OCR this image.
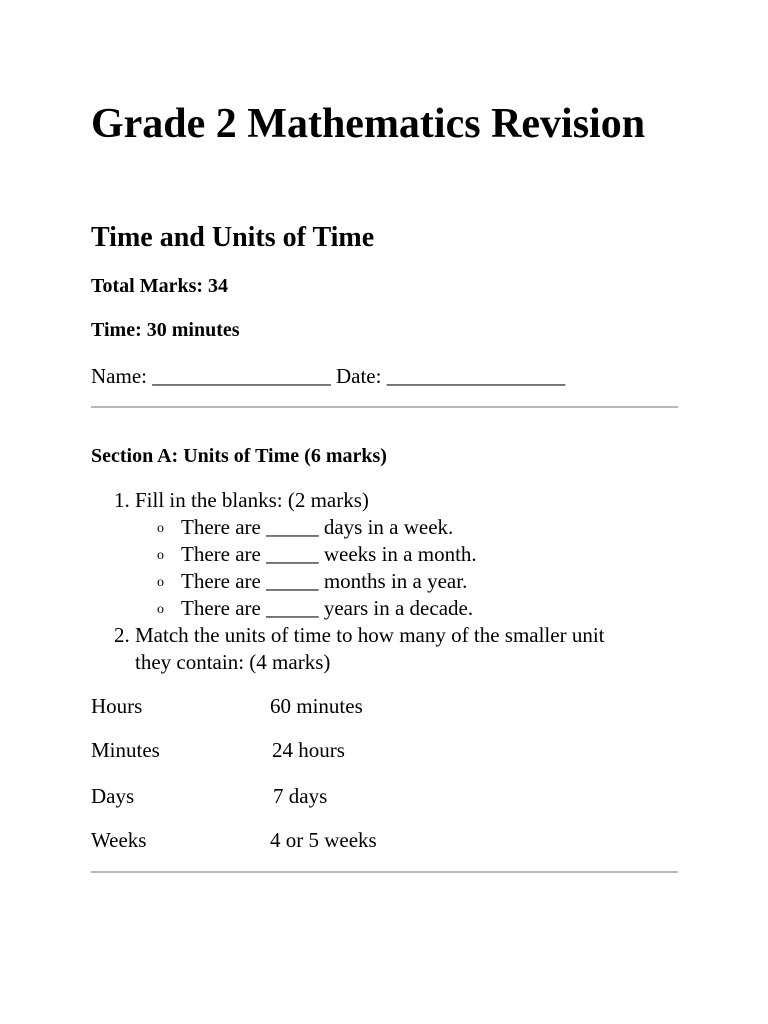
Grade 2 Mathematics Revision
Time and Units of Time

Total Marks: 34

Time: 30 minutes

Name: _________________ Date: _________________

Section A: Units of Time (6 marks)

1. Fill in the blanks: (2 marks)
o There are _____ days in a week.
o There are _____ weeks in a month.
o There are _____ months in a year.
o There are _____ years in a decade.
2. Match the units of time to how many of the smaller unit
they contain: (4 marks)
Hours	60 minutes
Minutes	24 hours
Days	7 days
Weeks	4 or 5 weeks
